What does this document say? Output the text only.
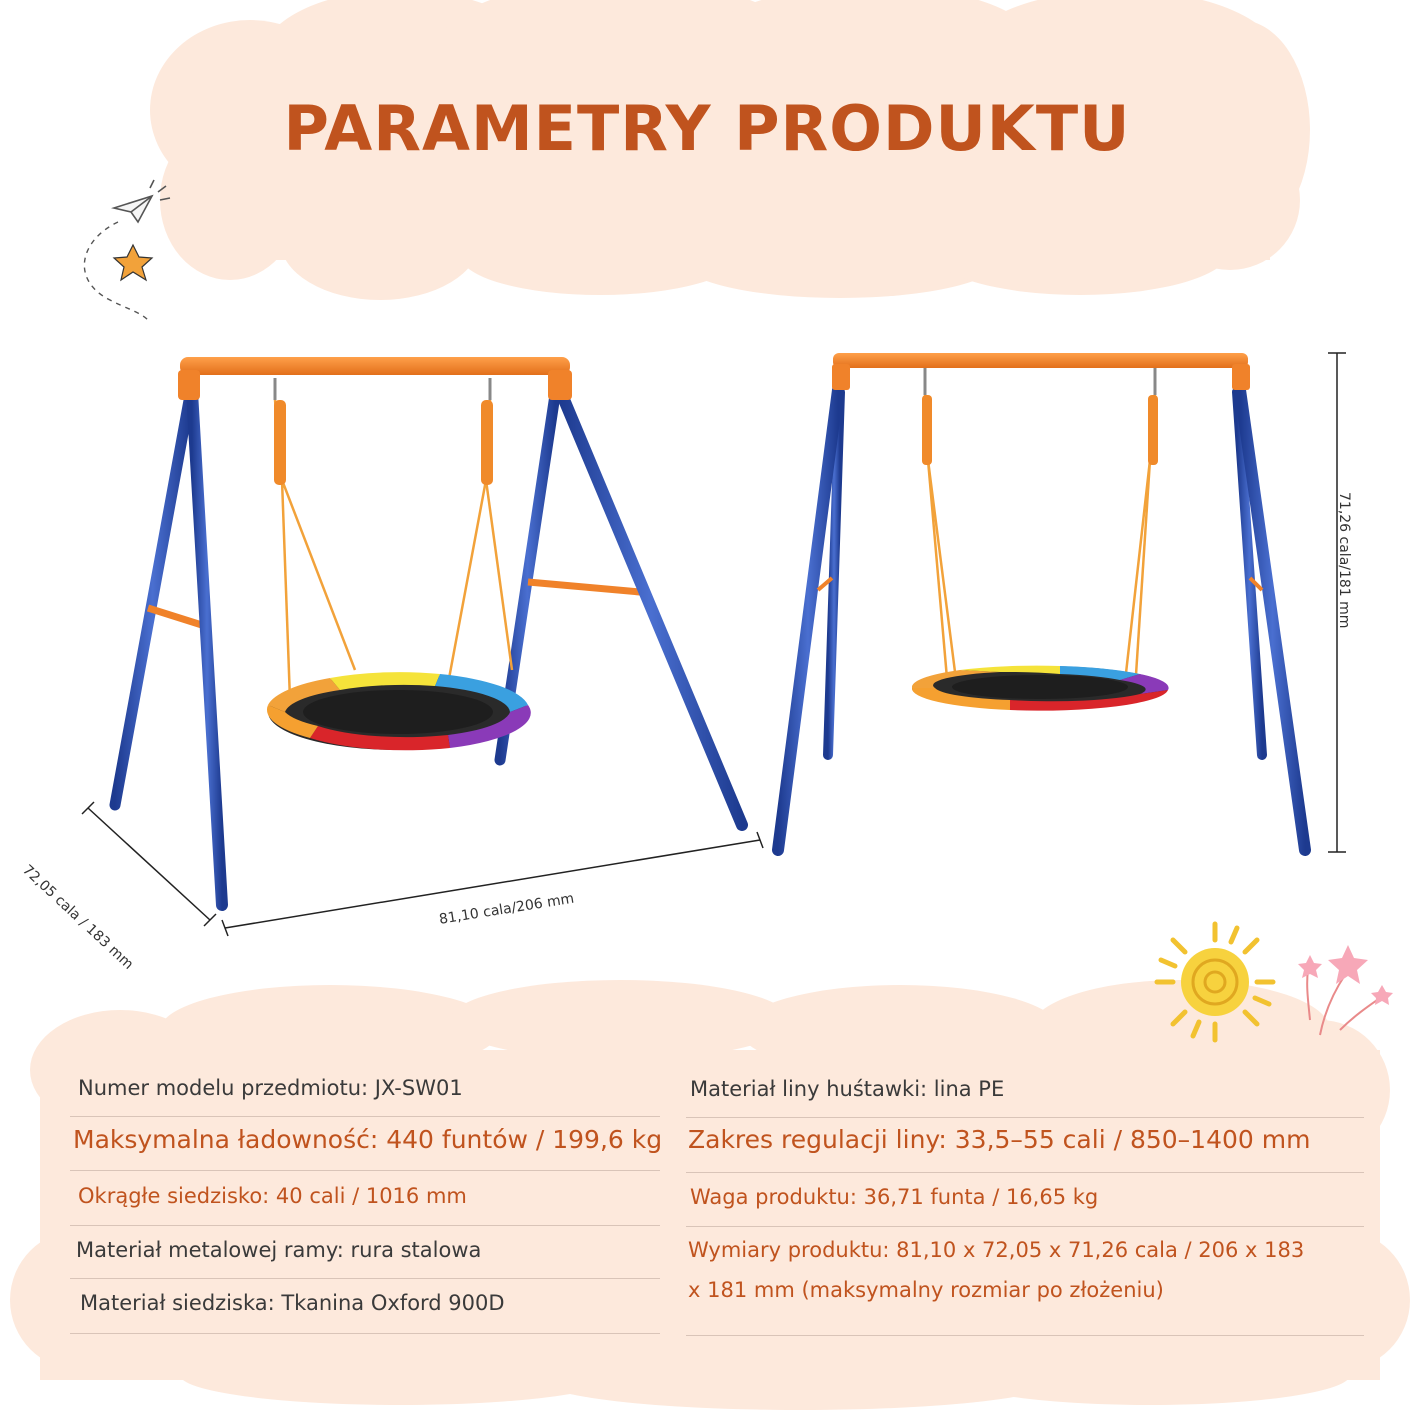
PARAMETRY PRODUKTU
72,05 cala / 183 mm	81,10 cala/206 mm
71,26 cala/181 mm
Numer modelu przedmiotu: JX-SW01
Maksymalna ładowność: 440 funtów / 199,6 kg
Okrągłe siedzisko: 40 cali / 1016 mm
Materiał metalowej ramy: rura stalowa
Materiał siedziska: Tkanina Oxford 900D
Materiał liny huśtawki: lina PE
Zakres regulacji liny: 33,5–55 cali / 850–1400 mm
Waga produktu: 36,71 funta / 16,65 kg
Wymiary produktu: 81,10 x 72,05 x 71,26 cala / 206 x 183
x 181 mm (maksymalny rozmiar po złożeniu)
